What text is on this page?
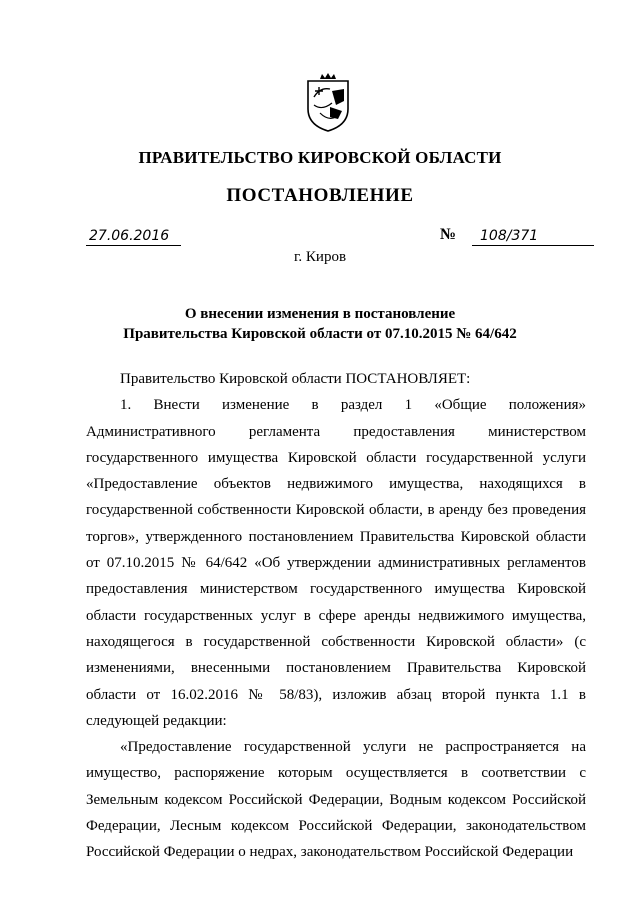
ПРАВИТЕЛЬСТВО КИРОВСКОЙ ОБЛАСТИ
ПОСТАНОВЛЕНИЕ
27.06.2016	№	108/371
г. Киров
О внесении изменения в постановление
Правительства Кировской области от 07.10.2015 № 64/642

Правительство Кировской области ПОСТАНОВЛЯЕТ:

1. Внести изменение в раздел 1 «Общие положения» Административного регламента предоставления министерством государственного имущества Кировской области государственной услуги «Предоставление объектов недвижимого имущества, находящихся в государственной собственности Кировской области, в аренду без проведения торгов», утвержденного постановлением Правительства Кировской области от 07.10.2015 № 64/642 «Об утверждении административных регламентов предоставления министерством государственного имущества Кировской области государственных услуг в сфере аренды недвижимого имущества, находящегося в государственной собственности Кировской области» (с изменениями, внесенными постановлением Правительства Кировской области от 16.02.2016 № 58/83), изложив абзац второй пункта 1.1 в следующей редакции:

«Предоставление государственной услуги не распространяется на имущество, распоряжение которым осуществляется в соответствии с Земельным кодексом Российской Федерации, Водным кодексом Российской Федерации, Лесным кодексом Российской Федерации, законодательством Российской Федерации о недрах, законодательством Российской Федерации
